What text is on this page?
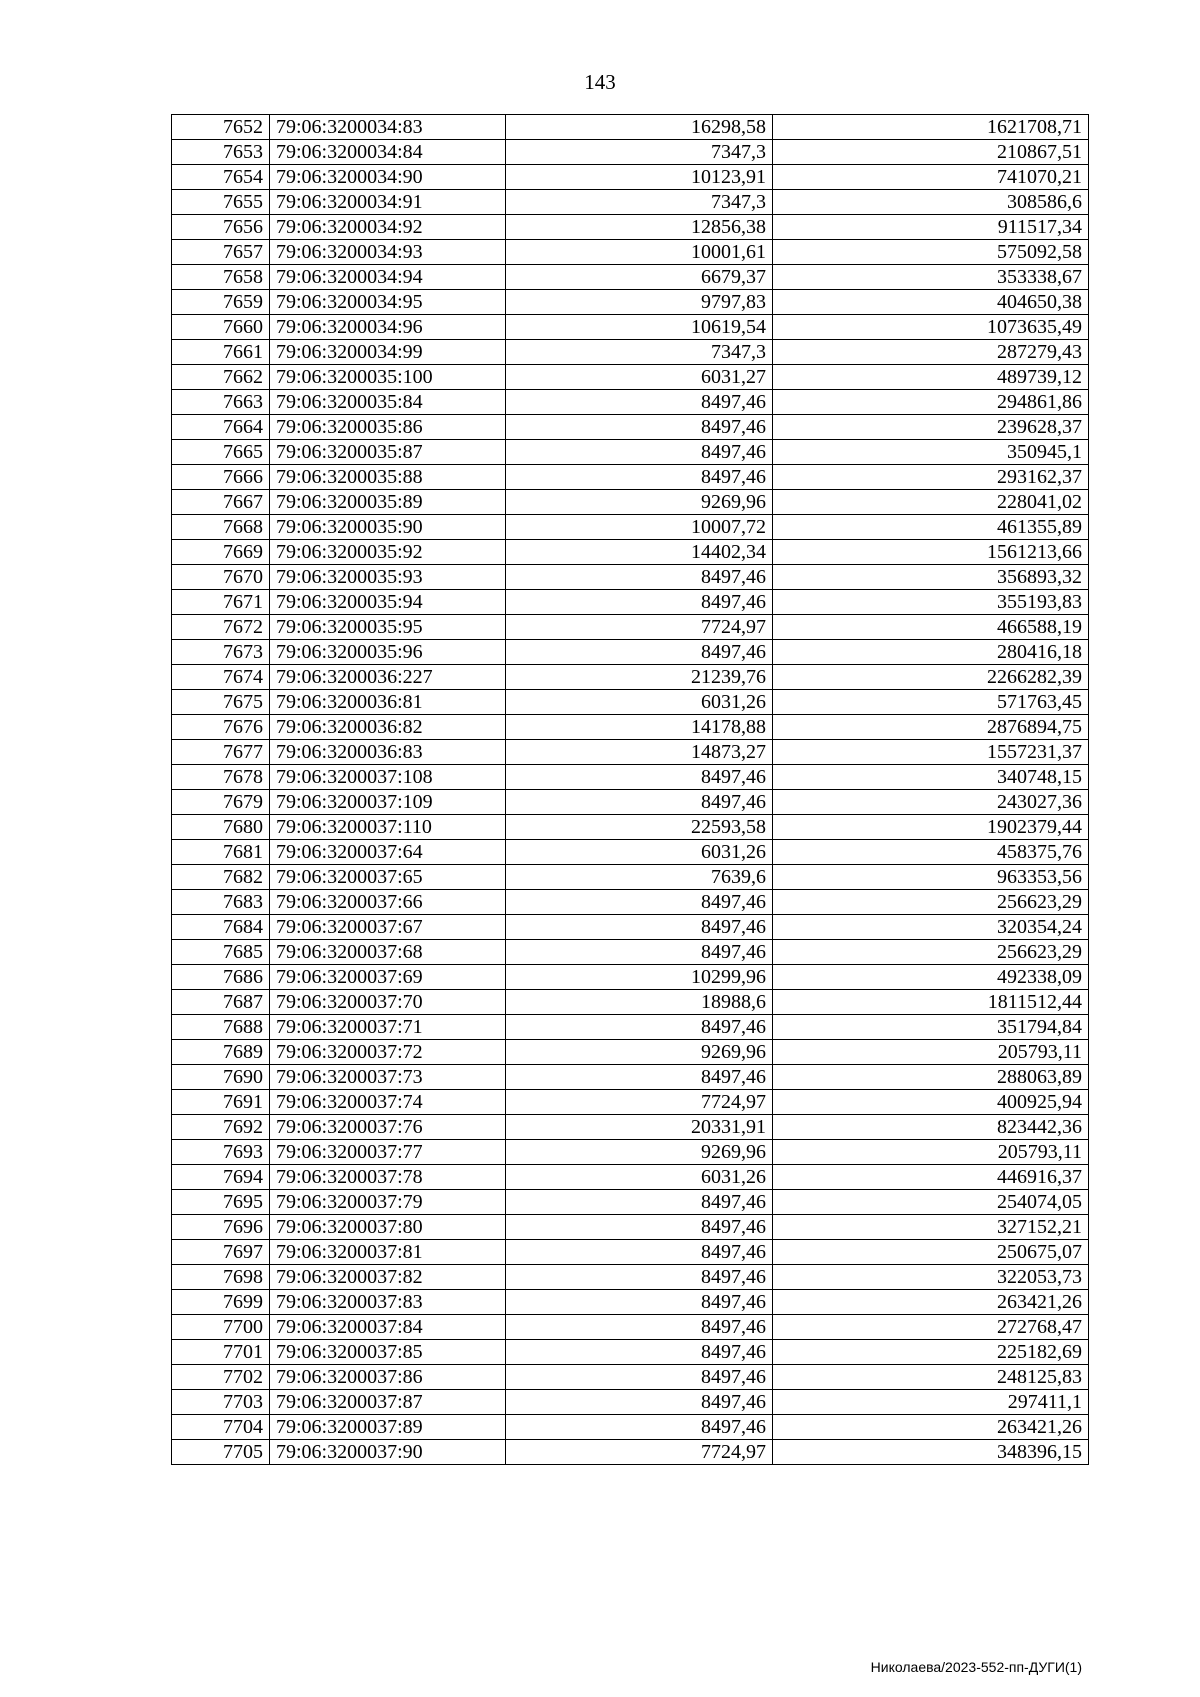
143
7652	79:06:3200034:83	16298,58	1621708,71
7653	79:06:3200034:84	7347,3	210867,51
7654	79:06:3200034:90	10123,91	741070,21
7655	79:06:3200034:91	7347,3	308586,6
7656	79:06:3200034:92	12856,38	911517,34
7657	79:06:3200034:93	10001,61	575092,58
7658	79:06:3200034:94	6679,37	353338,67
7659	79:06:3200034:95	9797,83	404650,38
7660	79:06:3200034:96	10619,54	1073635,49
7661	79:06:3200034:99	7347,3	287279,43
7662	79:06:3200035:100	6031,27	489739,12
7663	79:06:3200035:84	8497,46	294861,86
7664	79:06:3200035:86	8497,46	239628,37
7665	79:06:3200035:87	8497,46	350945,1
7666	79:06:3200035:88	8497,46	293162,37
7667	79:06:3200035:89	9269,96	228041,02
7668	79:06:3200035:90	10007,72	461355,89
7669	79:06:3200035:92	14402,34	1561213,66
7670	79:06:3200035:93	8497,46	356893,32
7671	79:06:3200035:94	8497,46	355193,83
7672	79:06:3200035:95	7724,97	466588,19
7673	79:06:3200035:96	8497,46	280416,18
7674	79:06:3200036:227	21239,76	2266282,39
7675	79:06:3200036:81	6031,26	571763,45
7676	79:06:3200036:82	14178,88	2876894,75
7677	79:06:3200036:83	14873,27	1557231,37
7678	79:06:3200037:108	8497,46	340748,15
7679	79:06:3200037:109	8497,46	243027,36
7680	79:06:3200037:110	22593,58	1902379,44
7681	79:06:3200037:64	6031,26	458375,76
7682	79:06:3200037:65	7639,6	963353,56
7683	79:06:3200037:66	8497,46	256623,29
7684	79:06:3200037:67	8497,46	320354,24
7685	79:06:3200037:68	8497,46	256623,29
7686	79:06:3200037:69	10299,96	492338,09
7687	79:06:3200037:70	18988,6	1811512,44
7688	79:06:3200037:71	8497,46	351794,84
7689	79:06:3200037:72	9269,96	205793,11
7690	79:06:3200037:73	8497,46	288063,89
7691	79:06:3200037:74	7724,97	400925,94
7692	79:06:3200037:76	20331,91	823442,36
7693	79:06:3200037:77	9269,96	205793,11
7694	79:06:3200037:78	6031,26	446916,37
7695	79:06:3200037:79	8497,46	254074,05
7696	79:06:3200037:80	8497,46	327152,21
7697	79:06:3200037:81	8497,46	250675,07
7698	79:06:3200037:82	8497,46	322053,73
7699	79:06:3200037:83	8497,46	263421,26
7700	79:06:3200037:84	8497,46	272768,47
7701	79:06:3200037:85	8497,46	225182,69
7702	79:06:3200037:86	8497,46	248125,83
7703	79:06:3200037:87	8497,46	297411,1
7704	79:06:3200037:89	8497,46	263421,26
7705	79:06:3200037:90	7724,97	348396,15
Николаева/2023-552-пп-ДУГИ(1)
